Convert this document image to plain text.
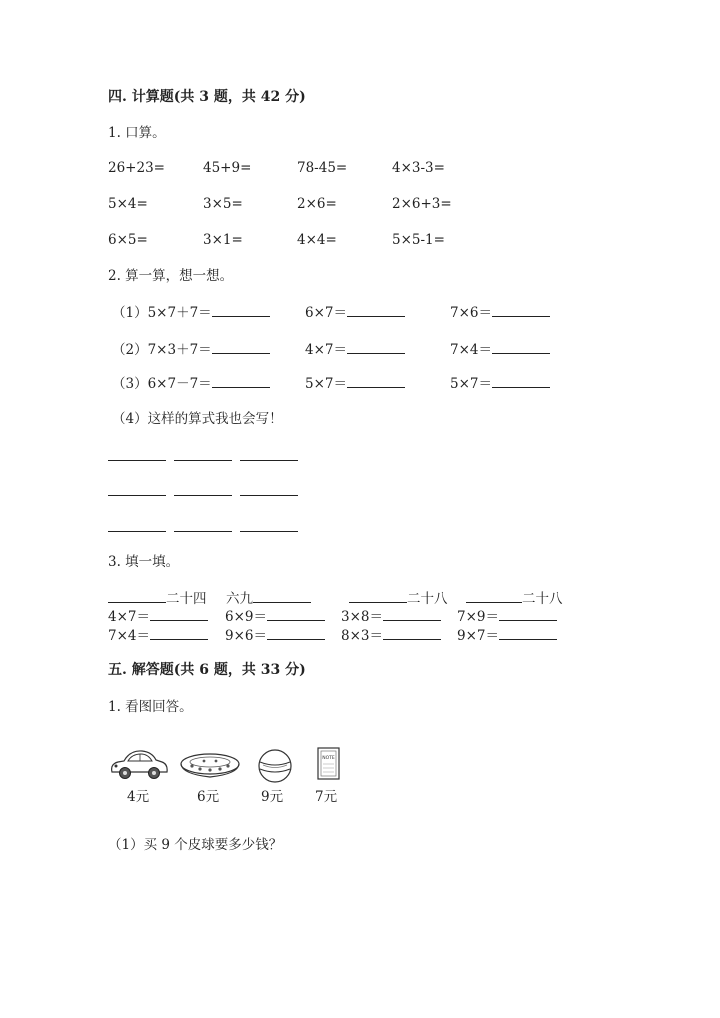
四. 计算题(共 3 题，共 42 分)
1. 口算。
26+23=	45+9=	78-45=	4×3-3=
5×4=	3×5=	2×6=	2×6+3=
6×5=	3×1=	4×4=	5×5-1=
2. 算一算，想一想。
（1）5×7＋7＝	6×7＝	7×6＝
（2）7×3＋7＝	4×7＝	7×4＝
（3）6×7－7＝	5×7＝	5×7＝
（4）这样的算式我也会写！
3. 填一填。
二十四 六九	二十八	二十八
4×7＝	6×9＝	3×8＝	7×9＝
7×4＝	9×6＝	8×3＝	9×7＝
五. 解答题(共 6 题，共 33 分)
1. 看图回答。
4元	6元	9元
NOTE
7元
（1）买 9 个皮球要多少钱？
